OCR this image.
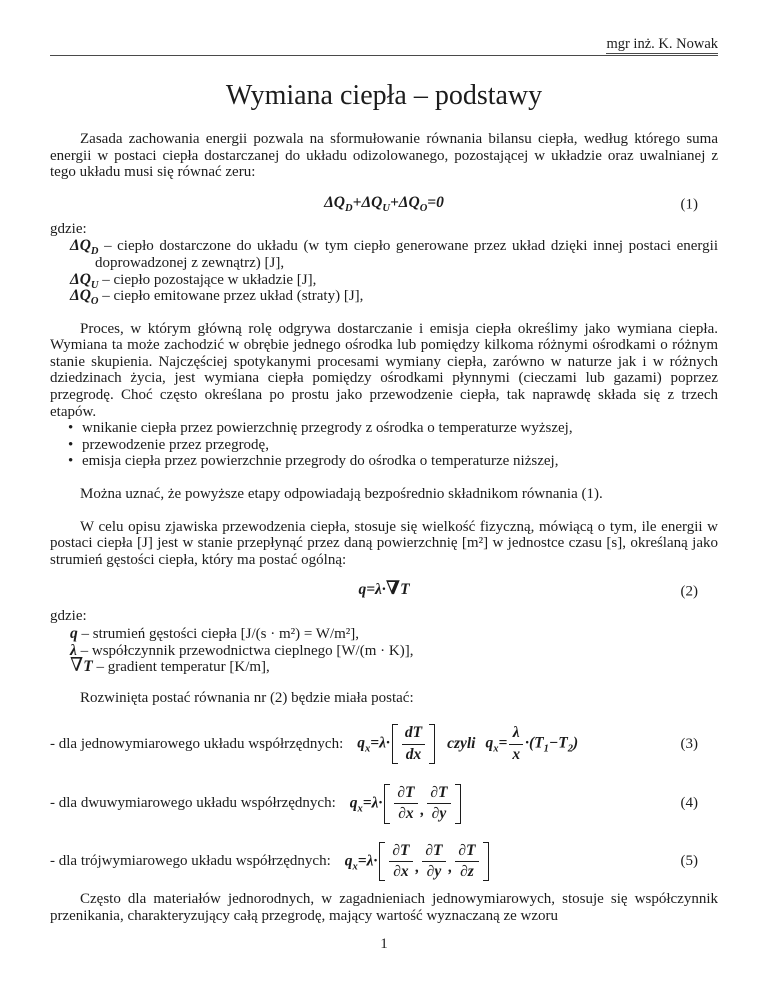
mgr inż. K. Nowak
Wymiana ciepła – podstawy

Zasada zachowania energii pozwala na sformułowanie równania bilansu ciepła, według którego suma energii w postaci ciepła dostarczanej do układu odizolowanego, pozostającej w układzie oraz uwalnianej z tego układu musi się równać zeru:

$\Delta Q_D+\Delta Q_U+\Delta Q_O=0$	(1)

gdzie:

$\Delta Q_D$ – ciepło dostarczone do układu (w tym ciepło generowane przez układ dzięki innej postaci energii doprowadzonej z zewnątrz) [J],

$\Delta Q_U$ – ciepło pozostające w układzie [J],

$\Delta Q_O$ – ciepło emitowane przez układ (straty) [J],

Proces, w którym główną rolę odgrywa dostarczanie i emisja ciepła określimy jako wymiana ciepła. Wymiana ta może zachodzić w obrębie jednego ośrodka lub pomiędzy kilkoma różnymi ośrodkami o różnym stanie skupienia. Najczęściej spotykanymi procesami wymiany ciepła, zarówno w naturze jak i w różnych dziedzinach życia, jest wymiana ciepła pomiędzy ośrodkami płynnymi (cieczami lub gazami) poprzez przegrodę. Choć często określana po prostu jako przewodzenie ciepła, tak naprawdę składa się z trzech etapów.

• wnikanie ciepła przez powierzchnię przegrody z ośrodka o temperaturze wyższej,
• przewodzenie przez przegrodę,
• emisja ciepła przez powierzchnie przegrody do ośrodka o temperaturze niższej,

Można uznać, że powyższe etapy odpowiadają bezpośrednio składnikom równania (1).

W celu opisu zjawiska przewodzenia ciepła, stosuje się wielkość fizyczną, mówiącą o tym, ile energii w postaci ciepła [J] jest w stanie przepłynąć przez daną powierzchnię [m²] w jednostce czasu [s], określaną jako strumień gęstości ciepła, który ma postać ogólną:

q=λ·∇T	(2)

gdzie:

q – strumień gęstości ciepła [J/(s · m²) = W/m²],

λ – współczynnik przewodnictwa cieplnego [W/(m · K)],

∇T – gradient temperatur [K/m],

Rozwinięta postać równania nr (2) będzie miała postać:

- dla jednowymiarowego układu współrzędnych: $q_x=\lambda\cdot$
dT
dx
czyli $q_x= \frac{\lambda}{x} \cdot(T_1-T_2)$	(3)
- dla dwuwymiarowego układu współrzędnych: $q_x=\lambda\cdot$
∂T
∂x ,
∂T
∂y
(4)
- dla trójwymiarowego układu współrzędnych: $q_x=\lambda\cdot$
∂T
∂x ,
∂T
∂y ,
∂T
∂z
(5)

Często dla materiałów jednorodnych, w zagadnieniach jednowymiarowych, stosuje się współczynnik przenikania, charakteryzujący całą przegrodę, mający wartość wyznaczaną ze wzoru

1
